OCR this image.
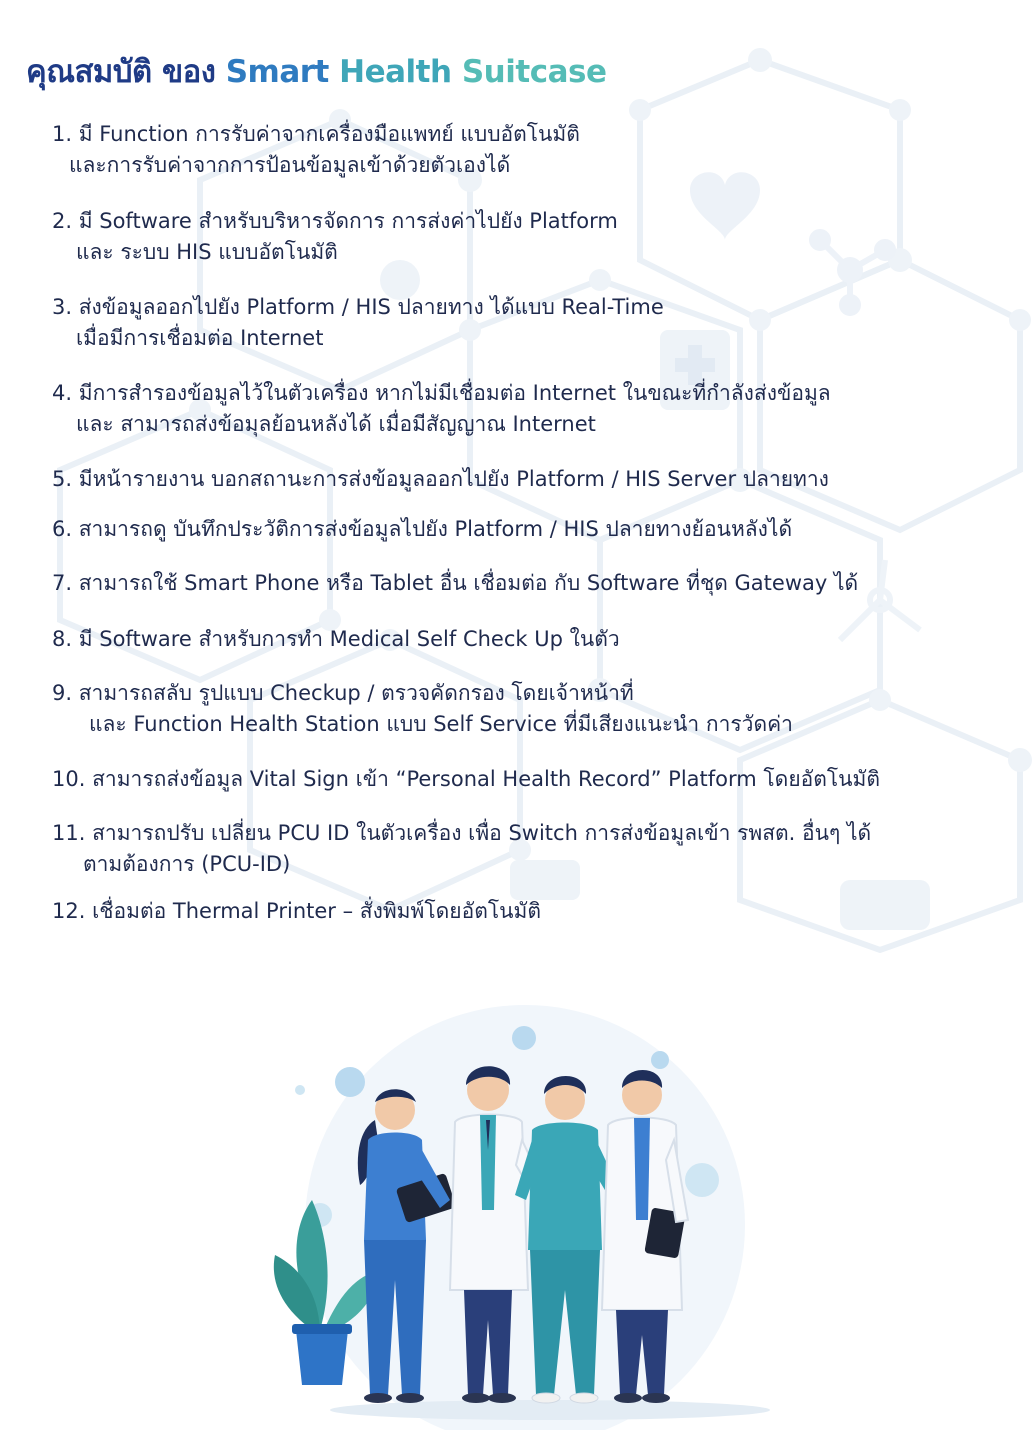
คุณสมบัติ ของ Smart Health Suitcase
1. มี Function การรับค่าจากเครื่องมือแพทย์ แบบอัตโนมัติ
และการรับค่าจากการป้อนข้อมูลเข้าด้วยตัวเองได้
2. มี Software สำหรับบริหารจัดการ การส่งค่าไปยัง Platform
และ ระบบ HIS แบบอัตโนมัติ
3. ส่งข้อมูลออกไปยัง Platform / HIS ปลายทาง ได้แบบ Real-Time
เมื่อมีการเชื่อมต่อ Internet
4. มีการสำรองข้อมูลไว้ในตัวเครื่อง หากไม่มีเชื่อมต่อ Internet ในขณะที่กำลังส่งข้อมูล
และ สามารถส่งข้อมุลย้อนหลังได้ เมื่อมีสัญญาณ Internet
5. มีหน้ารายงาน บอกสถานะการส่งข้อมูลออกไปยัง Platform / HIS Server ปลายทาง
6. สามารถดู บันทึกประวัติการส่งข้อมูลไปยัง Platform / HIS ปลายทางย้อนหลังได้
7. สามารถใช้ Smart Phone หรือ Tablet อื่น เชื่อมต่อ กับ Software ที่ชุด Gateway ได้
8. มี Software สำหรับการทำ Medical Self Check Up ในตัว
9. สามารถสลับ รูปแบบ Checkup / ตรวจคัดกรอง โดยเจ้าหน้าที่
และ Function Health Station แบบ Self Service ที่มีเสียงแนะนำ การวัดค่า
10. สามารถส่งข้อมูล Vital Sign เข้า “Personal Health Record” Platform โดยอัตโนมัติ
11. สามารถปรับ เปลี่ยน PCU ID ในตัวเครื่อง เพื่อ Switch การส่งข้อมูลเข้า รพสต. อื่นๆ ได้
ตามต้องการ (PCU-ID)
12. เชื่อมต่อ Thermal Printer – สั่งพิมพ์โดยอัตโนมัติ
